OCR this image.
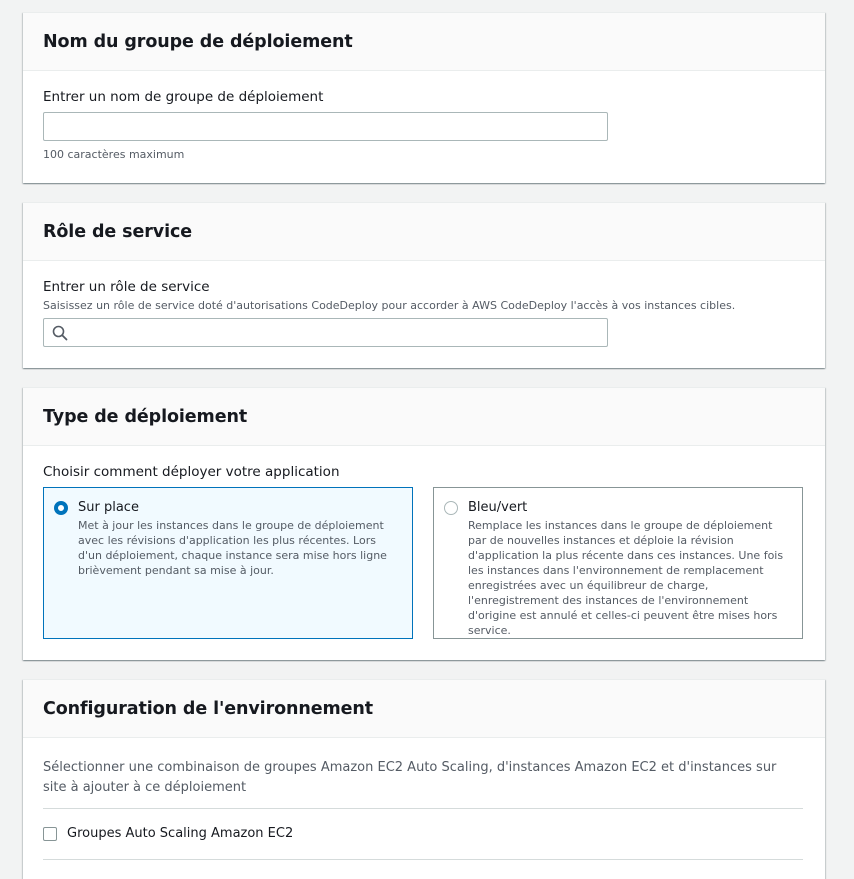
Nom du groupe de déploiement
Entrer un nom de groupe de déploiement
100 caractères maximum
Rôle de service
Entrer un rôle de service
Saisissez un rôle de service doté d'autorisations CodeDeploy pour accorder à AWS CodeDeploy l'accès à vos instances cibles.
Type de déploiement
Choisir comment déployer votre application
Sur place
Met à jour les instances dans le groupe de déploiement avec les révisions d'application les plus récentes. Lors d'un déploiement, chaque instance sera mise hors ligne brièvement pendant sa mise à jour.
Bleu/vert
Remplace les instances dans le groupe de déploiement par de nouvelles instances et déploie la révision d'application la plus récente dans ces instances. Une fois les instances dans l'environnement de remplacement enregistrées avec un équilibreur de charge, l'enregistrement des instances de l'environnement d'origine est annulé et celles-ci peuvent être mises hors service.
Configuration de l'environnement
Sélectionner une combinaison de groupes Amazon EC2 Auto Scaling, d'instances Amazon EC2 et d'instances sur site à ajouter à ce déploiement
Groupes Auto Scaling Amazon EC2
